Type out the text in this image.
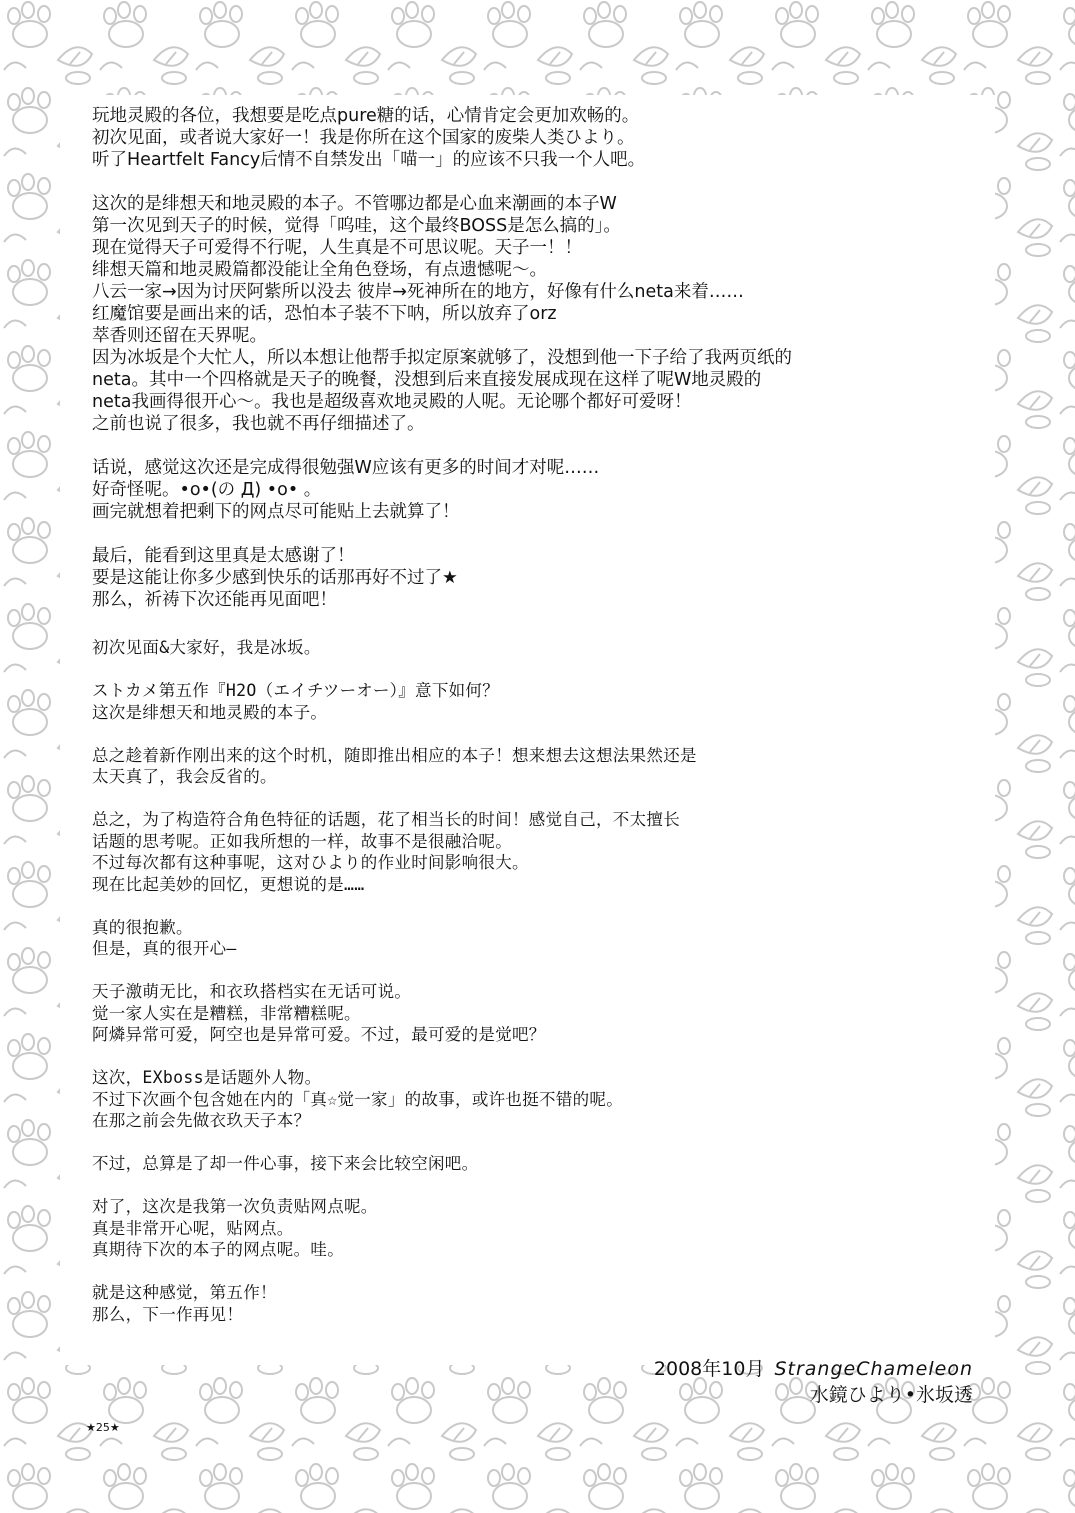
玩地灵殿的各位，我想要是吃点pure糖的话，心情肯定会更加欢畅的。
初次见面，或者说大家好一！我是你所在这个国家的废柴人类ひより。
听了Heartfelt Fancy后情不自禁发出「喵一」的应该不只我一个人吧。

这次的是绯想天和地灵殿的本子。不管哪边都是心血来潮画的本子W
第一次见到天子的时候，觉得「呜哇，这个最终BOSS是怎么搞的」。
现在觉得天子可爱得不行呢，人生真是不可思议呢。天子一！！
绯想天篇和地灵殿篇都没能让全角色登场，有点遗憾呢～。
八云一家→因为讨厌阿紫所以没去 彼岸→死神所在的地方，好像有什么neta来着……
红魔馆要是画出来的话，恐怕本子装不下呐，所以放弃了orz
萃香则还留在天界呢。
因为冰坂是个大忙人，所以本想让他帮手拟定原案就够了，没想到他一下子给了我两页纸的
neta。其中一个四格就是天子的晚餐，没想到后来直接发展成现在这样了呢W地灵殿的
neta我画得很开心～。我也是超级喜欢地灵殿的人呢。无论哪个都好可爱呀！
之前也说了很多，我也就不再仔细描述了。

话说，感觉这次还是完成得很勉强W应该有更多的时间才对呢……
好奇怪呢。•o•(の Д) •o• 。
画完就想着把剩下的网点尽可能贴上去就算了！

最后，能看到这里真是太感谢了！
要是这能让你多少感到快乐的话那再好不过了★
那么，祈祷下次还能再见面吧！

初次见面&大家好，我是冰坂。

ストカメ第五作『H2O（エイチツーオー）』意下如何？
这次是绯想天和地灵殿的本子。

总之趁着新作刚出来的这个时机，随即推出相应的本子！想来想去这想法果然还是
太天真了，我会反省的。

总之，为了构造符合角色特征的话题，花了相当长的时间！感觉自己，不太擅长
话题的思考呢。正如我所想的一样，故事不是很融洽呢。
不过每次都有这种事呢，这对ひより的作业时间影响很大。
现在比起美妙的回忆，更想说的是……

真的很抱歉。
但是，真的很开心—

天子激萌无比，和衣玖搭档实在无话可说。
觉一家人实在是糟糕，非常糟糕呢。
阿燐异常可爱，阿空也是异常可爱。不过，最可爱的是觉吧？

这次，EXboss是话题外人物。
不过下次画个包含她在内的「真☆觉一家」的故事，或许也挺不错的呢。
在那之前会先做衣玖天子本？

不过，总算是了却一件心事，接下来会比较空闲吧。

对了，这次是我第一次负责贴网点呢。
真是非常开心呢，贴网点。
真期待下次的本子的网点呢。哇。

就是这种感觉，第五作！
那么，下一作再见！

2008年10月 StrangeChameleon
水鏡ひより•氷坂透
★25★
